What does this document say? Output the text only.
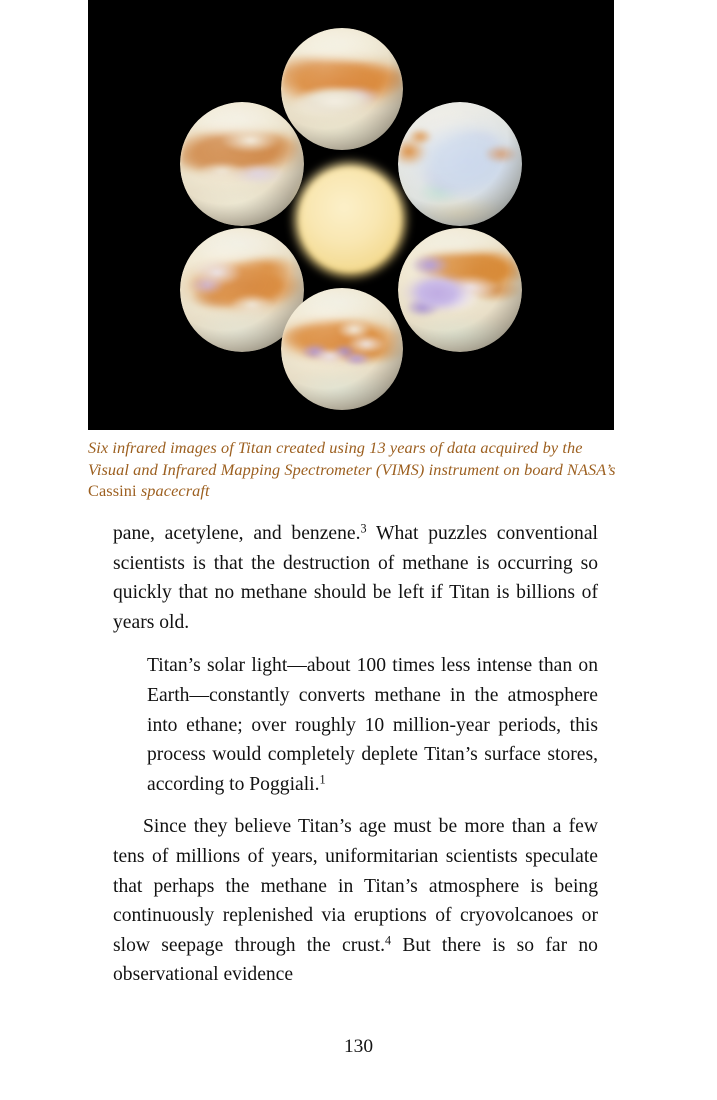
Six infrared images of Titan created using 13 years of data acquired by the Visual and Infrared Mapping Spectrometer (VIMS) instrument on board NASA’s Cassini spacecraft

pane, acetylene, and benzene.$^3$ What puzzles conventional scientists is that the destruction of methane is occurring so quickly that no methane should be left if Titan is billions of years old.

Titan’s solar light—about 100 times less intense than on Earth—constantly converts methane in the atmosphere into ethane; over roughly 10 million-year periods, this process would completely deplete Titan’s surface stores, according to Poggiali.$^1$

Since they believe Titan’s age must be more than a few tens of millions of years, uniformitarian scientists speculate that perhaps the methane in Titan’s atmosphere is being continuously replenished via eruptions of cryovolcanoes or slow seepage through the crust.$^4$ But there is so far no observational evidence

130
